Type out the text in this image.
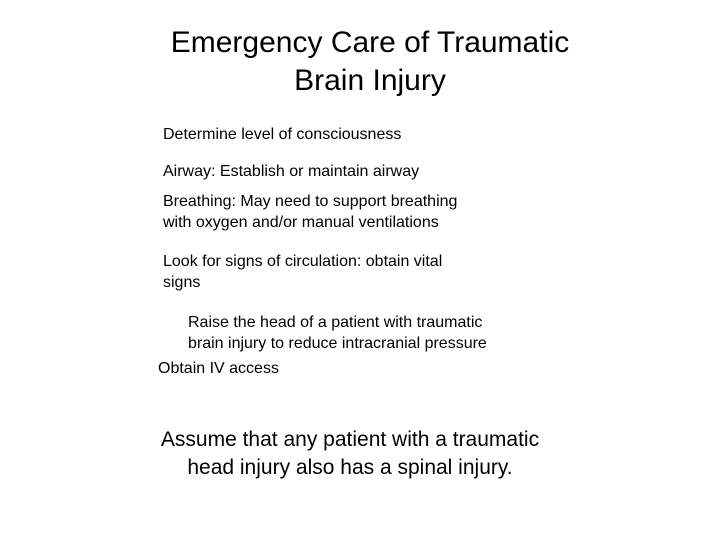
Emergency Care of Traumatic
Brain Injury
Determine level of consciousness
Airway: Establish or maintain airway
Breathing: May need to support breathing
with oxygen and/or manual ventilations
Look for signs of circulation: obtain vital
signs
Raise the head of a patient with traumatic
brain injury to reduce intracranial pressure
Obtain IV access
Assume that any patient with a traumatic
head injury also has a spinal injury.
